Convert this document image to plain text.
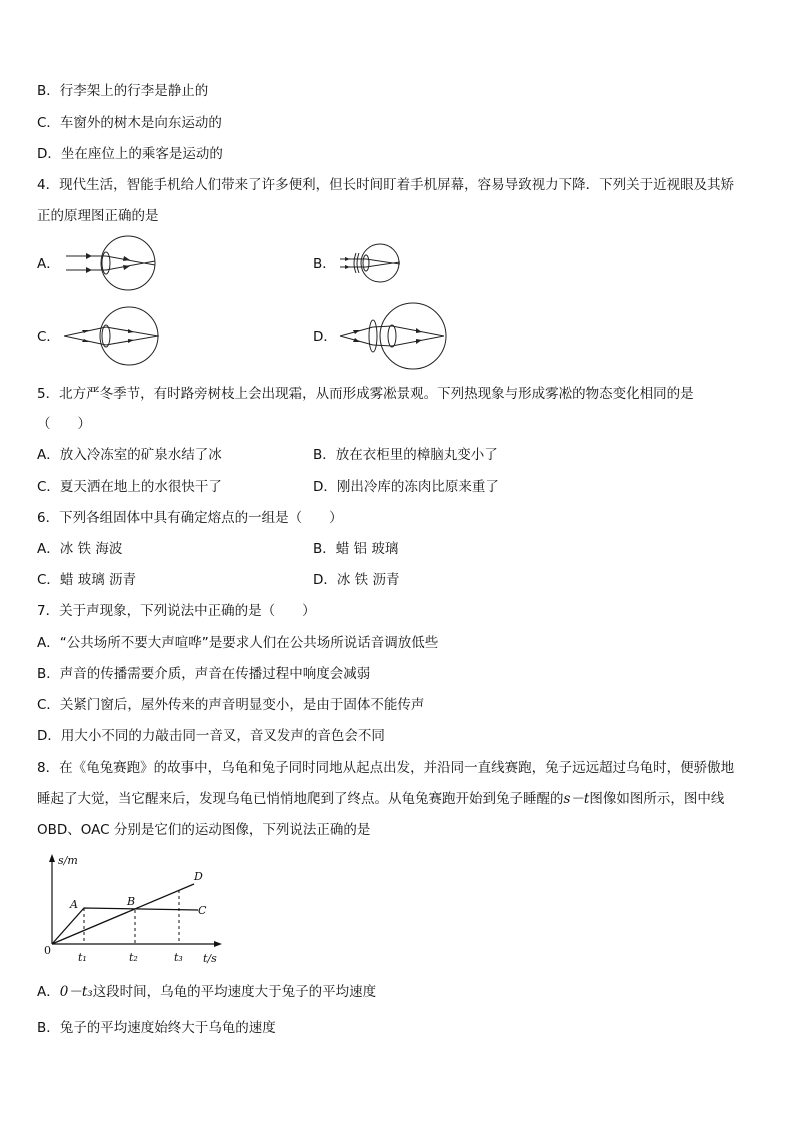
B．行李架上的行李是静止的
C．车窗外的树木是向东运动的
D．坐在座位上的乘客是运动的
4．现代生活，智能手机给人们带来了许多便利，但长时间盯着手机屏幕，容易导致视力下降．下列关于近视眼及其矫
正的原理图正确的是
A．	B．
C．	D．
5．北方严冬季节，有时路旁树枝上会出现霜，从而形成雾凇景观。下列热现象与形成雾凇的物态变化相同的是
（　　）
A．放入冷冻室的矿泉水结了冰	B．放在衣柜里的樟脑丸变小了
C．夏天洒在地上的水很快干了	D．刚出冷库的冻肉比原来重了
6．下列各组固体中具有确定熔点的一组是（　　）
A．冰 铁 海波	B．蜡 铝 玻璃
C．蜡 玻璃 沥青	D．冰 铁 沥青
7．关于声现象，下列说法中正确的是（　　）
A．“公共场所不要大声喧哗”是要求人们在公共场所说话音调放低些
B．声音的传播需要介质，声音在传播过程中响度会减弱
C．关紧门窗后，屋外传来的声音明显变小，是由于固体不能传声
D．用大小不同的力敲击同一音叉，音叉发声的音色会不同
8．在《龟兔赛跑》的故事中，乌龟和兔子同时同地从起点出发，并沿同一直线赛跑，兔子远远超过乌龟时，便骄傲地
睡起了大觉，当它醒来后，发现乌龟已悄悄地爬到了终点。从龟兔赛跑开始到兔子睡醒的s－t图像如图所示，图中线
OBD、OAC 分别是它们的运动图像，下列说法正确的是
s/m
t/s
A	B
C
D
t₁	t₂	t₃
0
A．0－t₃这段时间，乌龟的平均速度大于兔子的平均速度
B．兔子的平均速度始终大于乌龟的速度
